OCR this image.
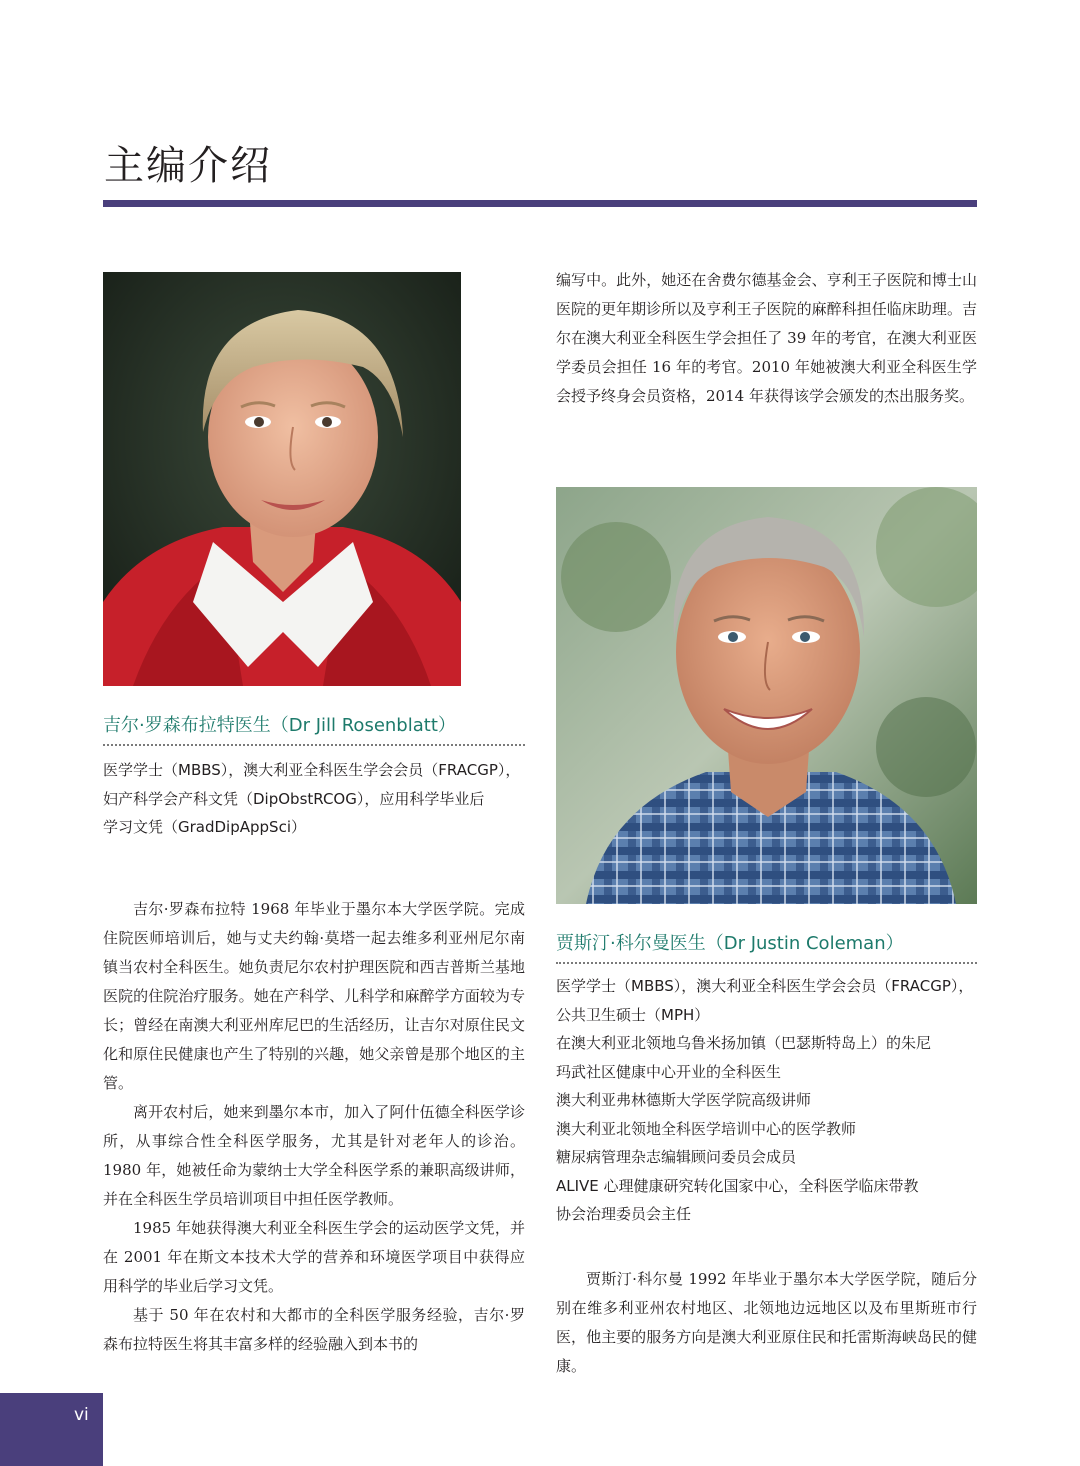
主编介绍
吉尔·罗森布拉特医生（Dr Jill Rosenblatt）
医学学士（MBBS），澳大利亚全科医生学会会员（FRACGP），
妇产科学会产科文凭（DipObstRCOG），应用科学毕业后
学习文凭（GradDipAppSci）

吉尔·罗森布拉特 1968 年毕业于墨尔本大学医学院。完成住院医师培训后，她与丈夫约翰·莫塔一起去维多利亚州尼尔南镇当农村全科医生。她负责尼尔农村护理医院和西吉普斯兰基地医院的住院治疗服务。她在产科学、儿科学和麻醉学方面较为专长；曾经在南澳大利亚州库尼巴的生活经历，让吉尔对原住民文化和原住民健康也产生了特别的兴趣，她父亲曾是那个地区的主管。

离开农村后，她来到墨尔本市，加入了阿什伍德全科医学诊所，从事综合性全科医学服务，尤其是针对老年人的诊治。1980 年，她被任命为蒙纳士大学全科医学系的兼职高级讲师，并在全科医生学员培训项目中担任医学教师。

1985 年她获得澳大利亚全科医生学会的运动医学文凭，并在 2001 年在斯文本技术大学的营养和环境医学项目中获得应用科学的毕业后学习文凭。

基于 50 年在农村和大都市的全科医学服务经验，吉尔·罗森布拉特医生将其丰富多样的经验融入到本书的

编写中。此外，她还在舍费尔德基金会、亨利王子医院和博士山医院的更年期诊所以及亨利王子医院的麻醉科担任临床助理。吉尔在澳大利亚全科医生学会担任了 39 年的考官，在澳大利亚医学委员会担任 16 年的考官。2010 年她被澳大利亚全科医生学会授予终身会员资格，2014 年获得该学会颁发的杰出服务奖。
贾斯汀·科尔曼医生（Dr Justin Coleman）
医学学士（MBBS），澳大利亚全科医生学会会员（FRACGP），
公共卫生硕士（MPH）
在澳大利亚北领地乌鲁米扬加镇（巴瑟斯特岛上）的朱尼
玛武社区健康中心开业的全科医生
澳大利亚弗林德斯大学医学院高级讲师
澳大利亚北领地全科医学培训中心的医学教师
糖尿病管理杂志编辑顾问委员会成员
ALIVE 心理健康研究转化国家中心，全科医学临床带教
协会治理委员会主任

贾斯汀·科尔曼 1992 年毕业于墨尔本大学医学院，随后分别在维多利亚州农村地区、北领地边远地区以及布里斯班市行医，他主要的服务方向是澳大利亚原住民和托雷斯海峡岛民的健康。

vi
